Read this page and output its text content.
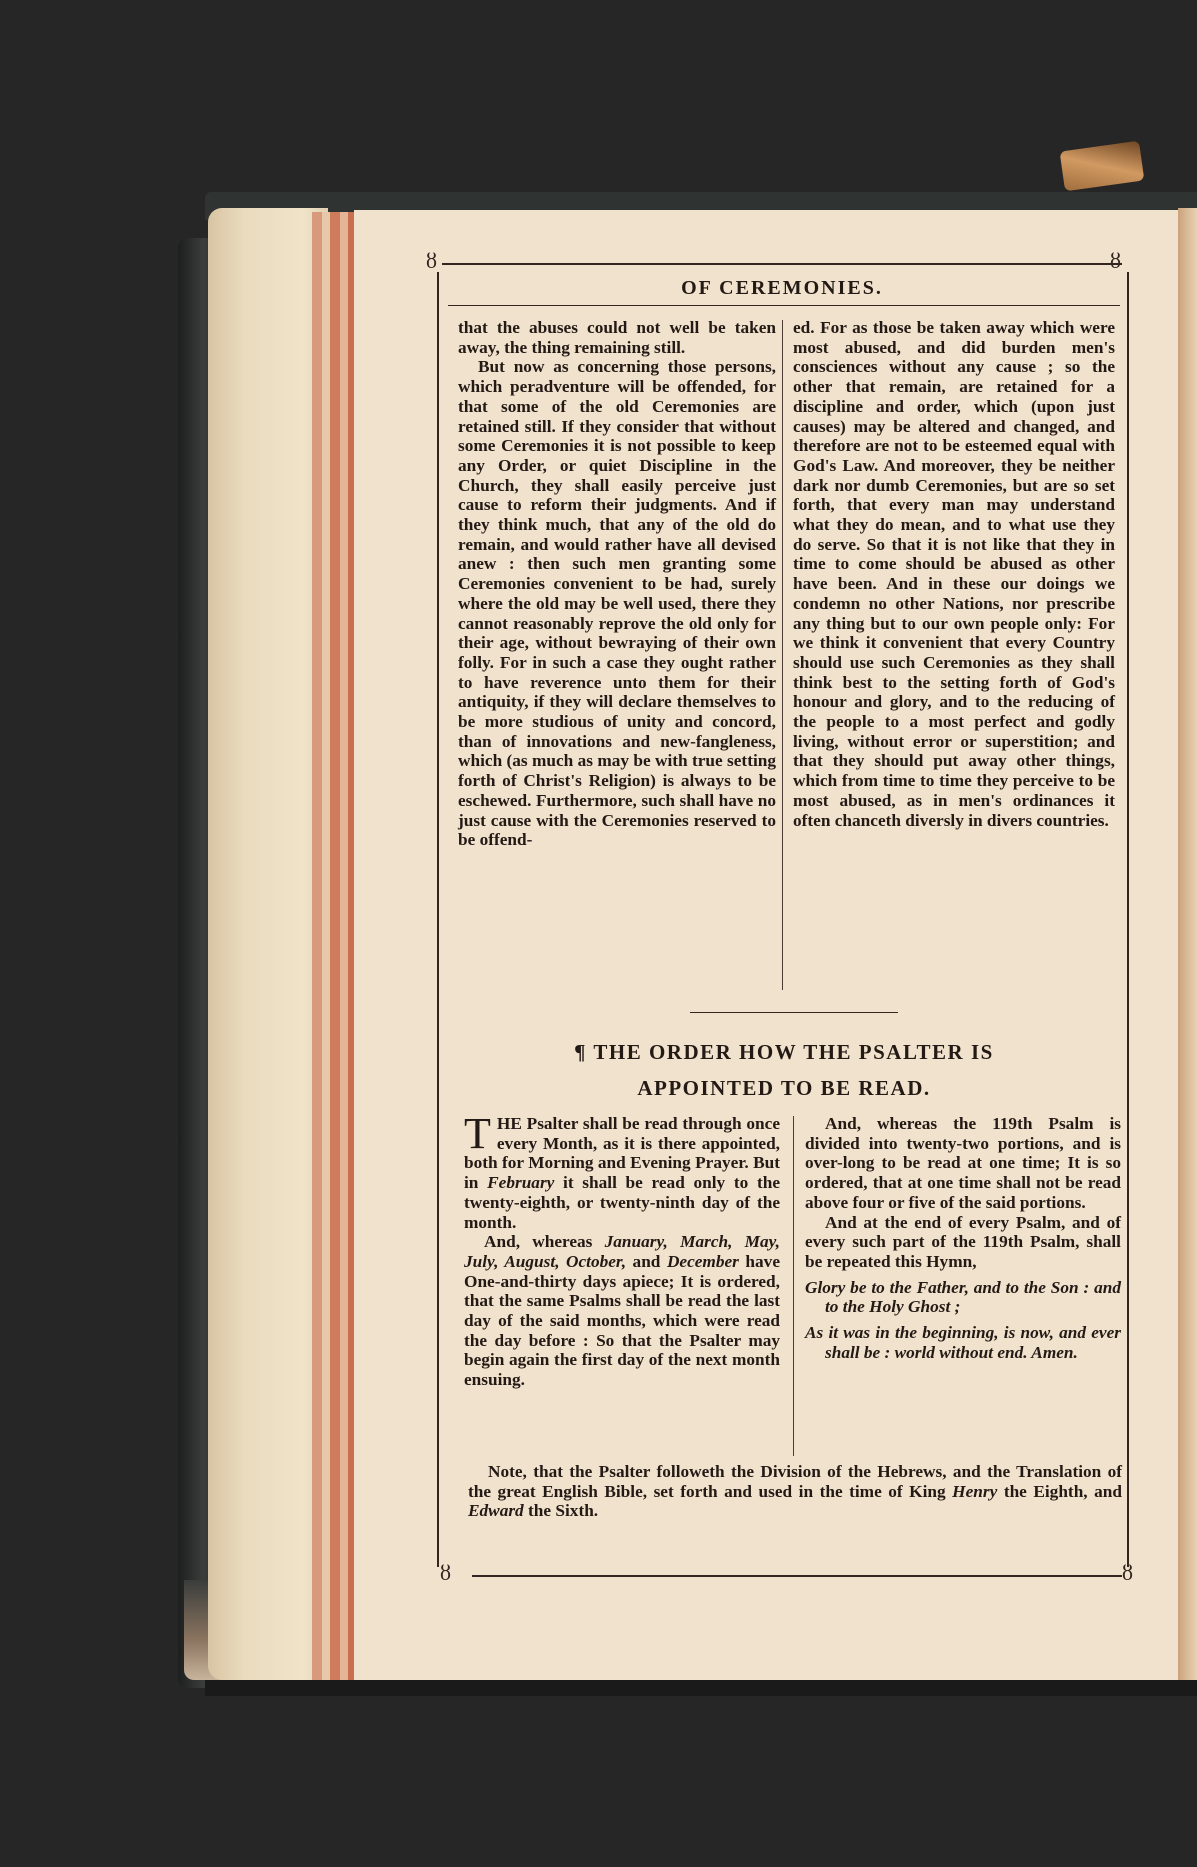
ȣ	ȣ
ȣ	ȣ
OF CEREMONIES.

that the abuses could not well be taken away, the thing remaining still.

But now as concerning those persons, which peradventure will be offended, for that some of the old Ceremonies are retained still. If they consider that without some Ceremonies it is not possible to keep any Order, or quiet Discipline in the Church, they shall easily perceive just cause to reform their judgments. And if they think much, that any of the old do remain, and would rather have all devised anew : then such men granting some Ceremonies convenient to be had, surely where the old may be well used, there they cannot reasonably reprove the old only for their age, without bewraying of their own folly. For in such a case they ought rather to have reverence unto them for their antiquity, if they will declare themselves to be more studious of unity and concord, than of innovations and new-fangleness, which (as much as may be with true setting forth of Christ's Religion) is always to be eschewed. Furthermore, such shall have no just cause with the Ceremonies reserved to be offend-

ed. For as those be taken away which were most abused, and did burden men's consciences without any cause ; so the other that remain, are retained for a discipline and order, which (upon just causes) may be altered and changed, and therefore are not to be esteemed equal with God's Law. And moreover, they be neither dark nor dumb Ceremonies, but are so set forth, that every man may understand what they do mean, and to what use they do serve. So that it is not like that they in time to come should be abused as other have been. And in these our doings we condemn no other Nations, nor prescribe any thing but to our own people only: For we think it convenient that every Country should use such Ceremonies as they shall think best to the setting forth of God's honour and glory, and to the reducing of the people to a most perfect and godly living, without error or superstition; and that they should put away other things, which from time to time they perceive to be most abused, as in men's ordinances it often chanceth diversly in divers countries.

¶ THE ORDER HOW THE PSALTER IS
APPOINTED TO BE READ.

THE Psalter shall be read through once every Month, as it is there appointed, both for Morning and Evening Prayer. But in February it shall be read only to the twenty-eighth, or twenty-ninth day of the month.

And, whereas January, March, May, July, August, October, and December have One-and-thirty days apiece; It is ordered, that the same Psalms shall be read the last day of the said months, which were read the day before : So that the Psalter may begin again the first day of the next month ensuing.

And, whereas the 119th Psalm is divided into twenty-two portions, and is over-long to be read at one time; It is so ordered, that at one time shall not be read above four or five of the said portions.

And at the end of every Psalm, and of every such part of the 119th Psalm, shall be repeated this Hymn,

Glory be to the Father, and to the Son : and to the Holy Ghost ;

As it was in the beginning, is now, and ever shall be : world without end. Amen.

Note, that the Psalter followeth the Division of the Hebrews, and the Translation of the great English Bible, set forth and used in the time of King Henry the Eighth, and Edward the Sixth.
